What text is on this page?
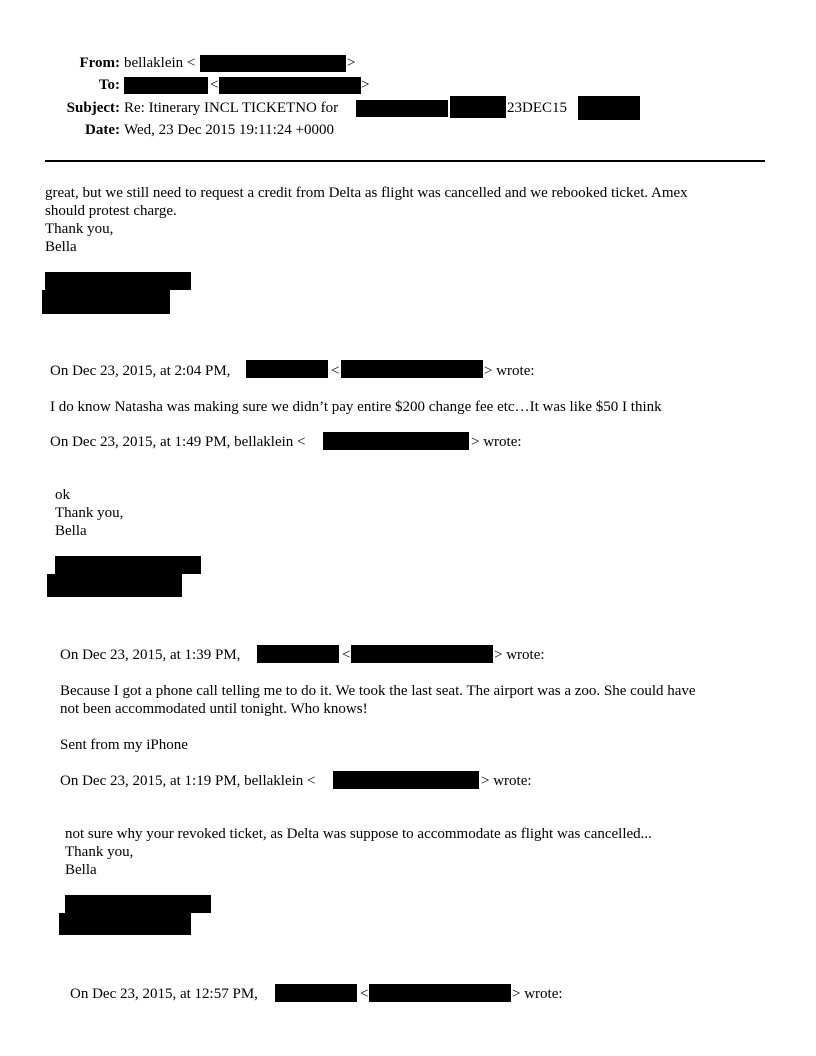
From: bellaklein <	>
To:	<	>
Subject: Re: Itinerary INCL TICKETNO for	23DEC15
Date: Wed, 23 Dec 2015 19:11:24 +0000
great, but we still need to request a credit from Delta as flight was cancelled and we rebooked ticket. Amex
should protest charge.
Thank you,
Bella
On Dec 23, 2015, at 2:04 PM,	<	> wrote:
I do know Natasha was making sure we didn’t pay entire $200 change fee etc…It was like $50 I think
On Dec 23, 2015, at 1:49 PM, bellaklein <	> wrote:
ok
Thank you,
Bella
On Dec 23, 2015, at 1:39 PM,	<	> wrote:
Because I got a phone call telling me to do it. We took the last seat. The airport was a zoo. She could have
not been accommodated until tonight. Who knows!
Sent from my iPhone
On Dec 23, 2015, at 1:19 PM, bellaklein <	> wrote:
not sure why your revoked ticket, as Delta was suppose to accommodate as flight was cancelled...
Thank you,
Bella
On Dec 23, 2015, at 12:57 PM,	<	> wrote:
